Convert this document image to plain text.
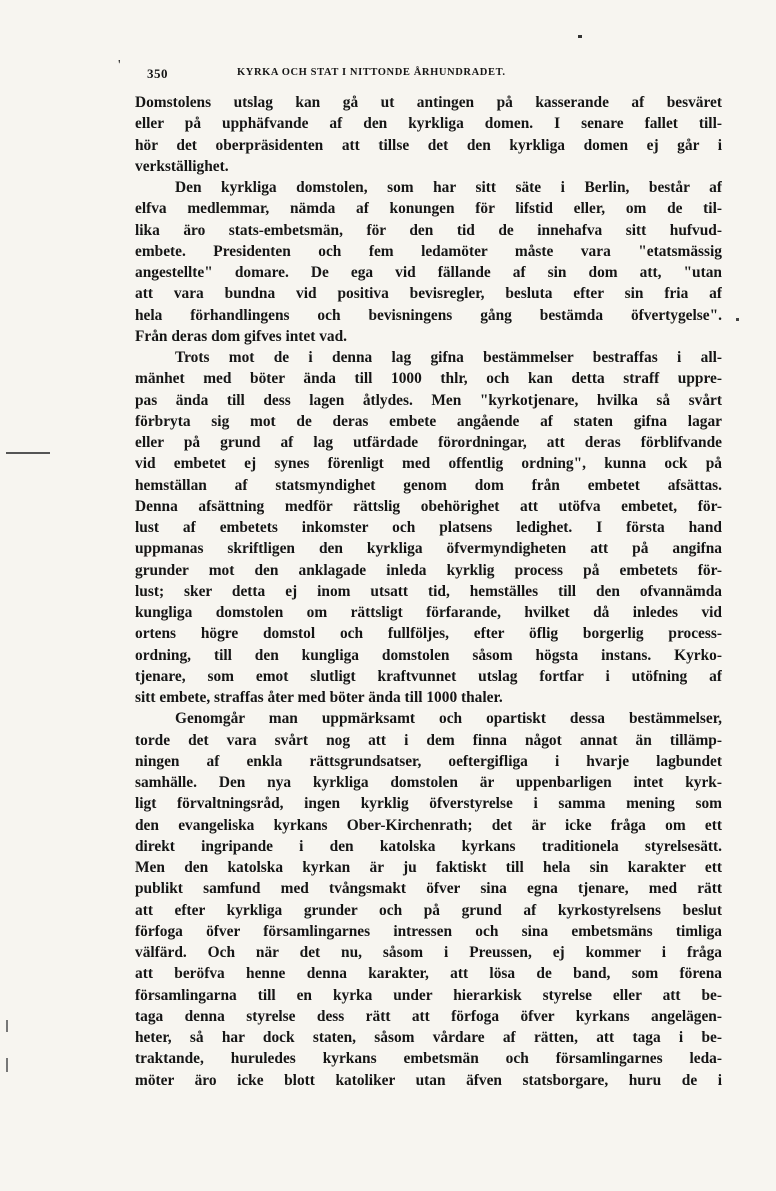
'
350	KYRKA OCH STAT I NITTONDE ÅRHUNDRADET.
Domstolens utslag kan gå ut antingen på kasserande af besväret
eller på upphäfvande af den kyrkliga domen. I senare fallet till-
hör det oberpräsidenten att tillse det den kyrkliga domen ej går i
verkställighet.
Den kyrkliga domstolen, som har sitt säte i Berlin, består af
elfva medlemmar, nämda af konungen för lifstid eller, om de til-
lika äro stats-embetsmän, för den tid de innehafva sitt hufvud-
embete. Presidenten och fem ledamöter måste vara "etatsmässig
angestellte" domare. De ega vid fällande af sin dom att, "utan
att vara bundna vid positiva bevisregler, besluta efter sin fria af
hela förhandlingens och bevisningens gång bestämda öfvertygelse".
Från deras dom gifves intet vad.
Trots mot de i denna lag gifna bestämmelser bestraffas i all-
mänhet med böter ända till 1000 thlr, och kan detta straff uppre-
pas ända till dess lagen åtlydes. Men "kyrkotjenare, hvilka så svårt
förbryta sig mot de deras embete angående af staten gifna lagar
eller på grund af lag utfärdade förordningar, att deras förblifvande
vid embetet ej synes förenligt med offentlig ordning", kunna ock på
hemställan af statsmyndighet genom dom från embetet afsättas.
Denna afsättning medför rättslig obehörighet att utöfva embetet, för-
lust af embetets inkomster och platsens ledighet. I första hand
uppmanas skriftligen den kyrkliga öfvermyndigheten att på angifna
grunder mot den anklagade inleda kyrklig process på embetets för-
lust; sker detta ej inom utsatt tid, hemställes till den ofvannämda
kungliga domstolen om rättsligt förfarande, hvilket då inledes vid
ortens högre domstol och fullföljes, efter öflig borgerlig process-
ordning, till den kungliga domstolen såsom högsta instans. Kyrko-
tjenare, som emot slutligt kraftvunnet utslag fortfar i utöfning af
sitt embete, straffas åter med böter ända till 1000 thaler.
Genomgår man uppmärksamt och opartiskt dessa bestämmelser,
torde det vara svårt nog att i dem finna något annat än tillämp-
ningen af enkla rättsgrundsatser, oeftergifliga i hvarje lagbundet
samhälle. Den nya kyrkliga domstolen är uppenbarligen intet kyrk-
ligt förvaltningsråd, ingen kyrklig öfverstyrelse i samma mening som
den evangeliska kyrkans Ober-Kirchenrath; det är icke fråga om ett
direkt ingripande i den katolska kyrkans traditionela styrelsesätt.
Men den katolska kyrkan är ju faktiskt till hela sin karakter ett
publikt samfund med tvångsmakt öfver sina egna tjenare, med rätt
att efter kyrkliga grunder och på grund af kyrkostyrelsens beslut
förfoga öfver församlingarnes intressen och sina embetsmäns timliga
välfärd. Och när det nu, såsom i Preussen, ej kommer i fråga
att beröfva henne denna karakter, att lösa de band, som förena
församlingarna till en kyrka under hierarkisk styrelse eller att be-
taga denna styrelse dess rätt att förfoga öfver kyrkans angelägen-
heter, så har dock staten, såsom vårdare af rätten, att taga i be-
traktande, huruledes kyrkans embetsmän och församlingarnes leda-
möter äro icke blott katoliker utan äfven statsborgare, huru de i
